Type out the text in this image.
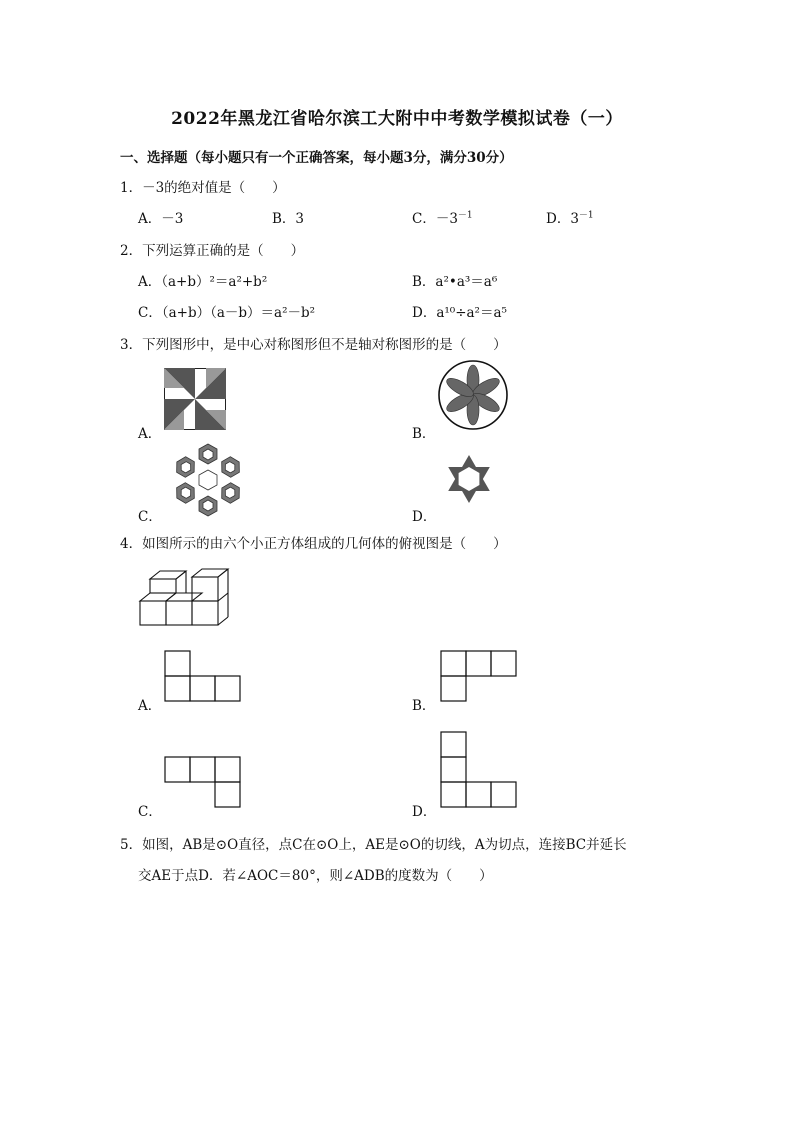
2022年黑龙江省哈尔滨工大附中中考数学模拟试卷（一）
一、选择题（每小题只有一个正确答案，每小题3分，满分30分）
1．－3的绝对值是（　　）
A．－3	B．3	C．$-3^{-1}$	D．$3^{-1}$
2．下列运算正确的是（　　）
A．（a+b）²＝a²+b²	B．a²•a³＝a⁶
C．（a+b）（a－b）＝a²－b²	D．a¹⁰÷a²＝a⁵
3．下列图形中，是中心对称图形但不是轴对称图形的是（　　）
A．	B．
C．	D．
4．如图所示的由六个小正方体组成的几何体的俯视图是（　　）
A．	B．
C．	D．
5．如图，AB是⊙O直径，点C在⊙O上，AE是⊙O的切线，A为切点，连接BC并延长
交AE于点D．若∠AOC＝80°，则∠ADB的度数为（　　）
